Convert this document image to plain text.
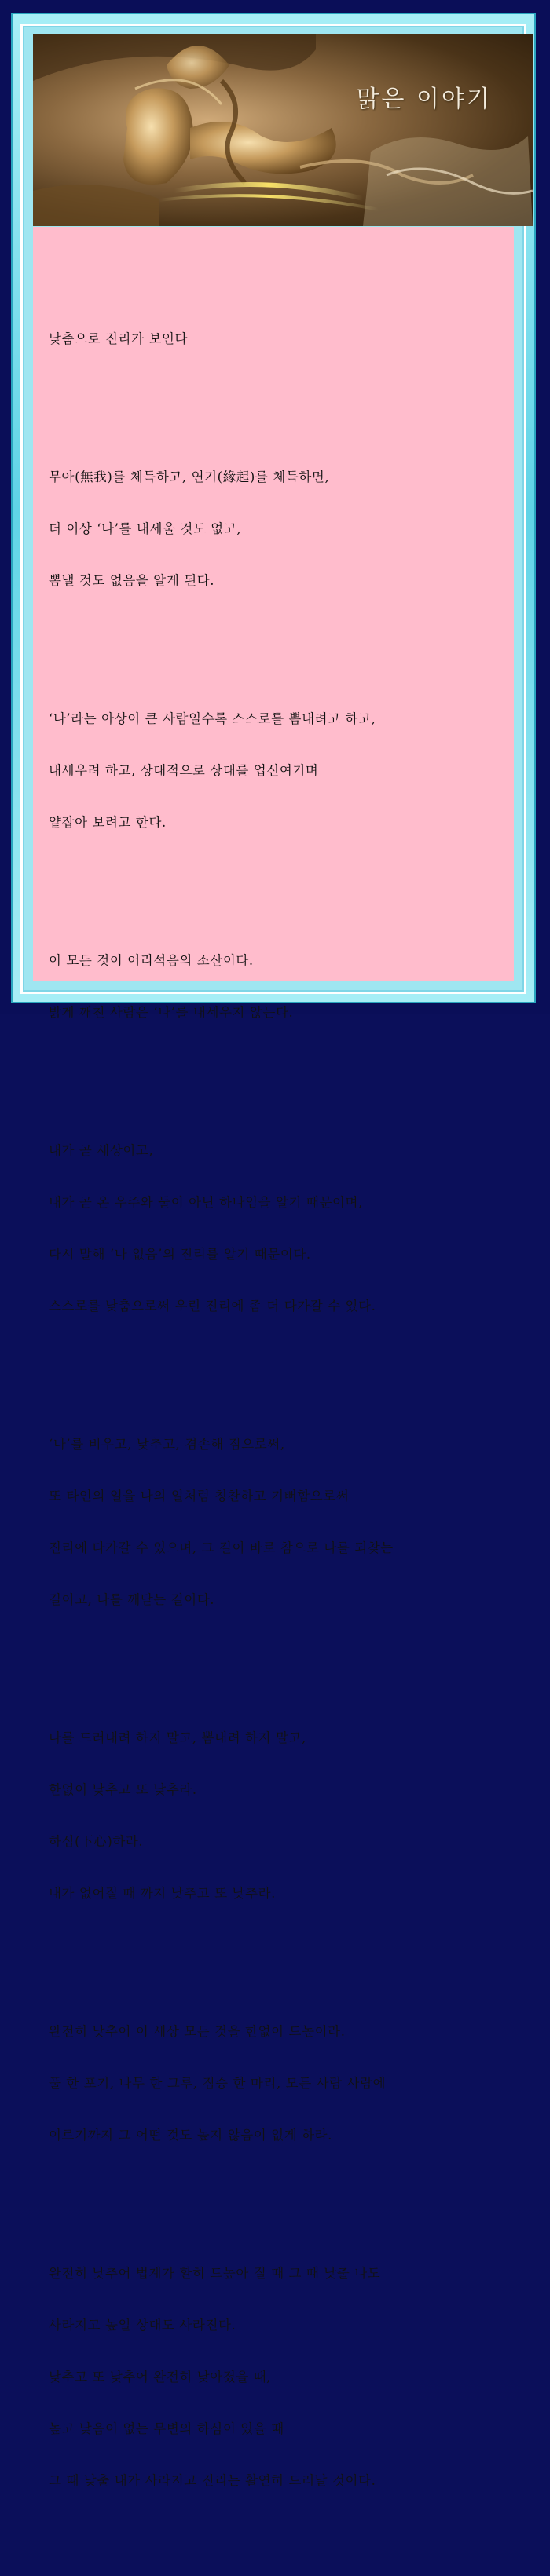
맑은 이야기

낮춤으로 진리가 보인다

무아(無我)를 체득하고, 연기(緣起)를 체득하면,

더 이상 ‘나’를 내세울 것도 없고,

뽐낼 것도 없음을 알게 된다.

‘나’라는 아상이 큰 사람일수록 스스로를 뽐내려고 하고,

내세우려 하고, 상대적으로 상대를 업신여기며

얕잡아 보려고 한다.

이 모든 것이 어리석음의 소산이다.

밝게 깨친 사람은 ‘나’를 내세우지 않는다.

내가 곧 세상이고,

내가 곧 온 우주와 둘이 아닌 하나임을 알기 때문이며,

다시 말해 ‘나 없음’의 진리를 알기 때문이다.

스스로를 낮춤으로써 우린 진리에 좀 더 다가갈 수 있다.

‘나’를 비우고, 낮추고, 겸손해 짐으로써,

또 타인의 일을 나의 일처럼 칭찬하고 기뻐함으로써

진리에 다가갈 수 있으며, 그 길이 바로 참으로 나를 되찾는

길이고, 나를 깨닫는 길이다.

나를 드러내려 하지 말고, 뽐내려 하지 말고,

한없이 낮추고 또 낮추라.

하심(下心)하라.

내가 없어질 때 까지 낮추고 또 낮추라.

완전히 낮추어 이 세상 모든 것을 한없이 드높이라.

풀 한 포기, 나무 한 그루, 짐승 한 마리, 모든 사람 사람에

이르기까지 그 어떤 것도 높지 않음이 없게 하라.

완전히 낮추어 법계가 환히 드높아 질 때 그 때 낮출 나도

사라지고 높일 상대도 사라진다.

낮추고 또 낮추어 완전히 낮아졌을 때,

높고 낮음이 없는 무변의 하심이 있을 때

그 때 낮출 내가 사라지고 진리는 활연히 드러날 것이다.
